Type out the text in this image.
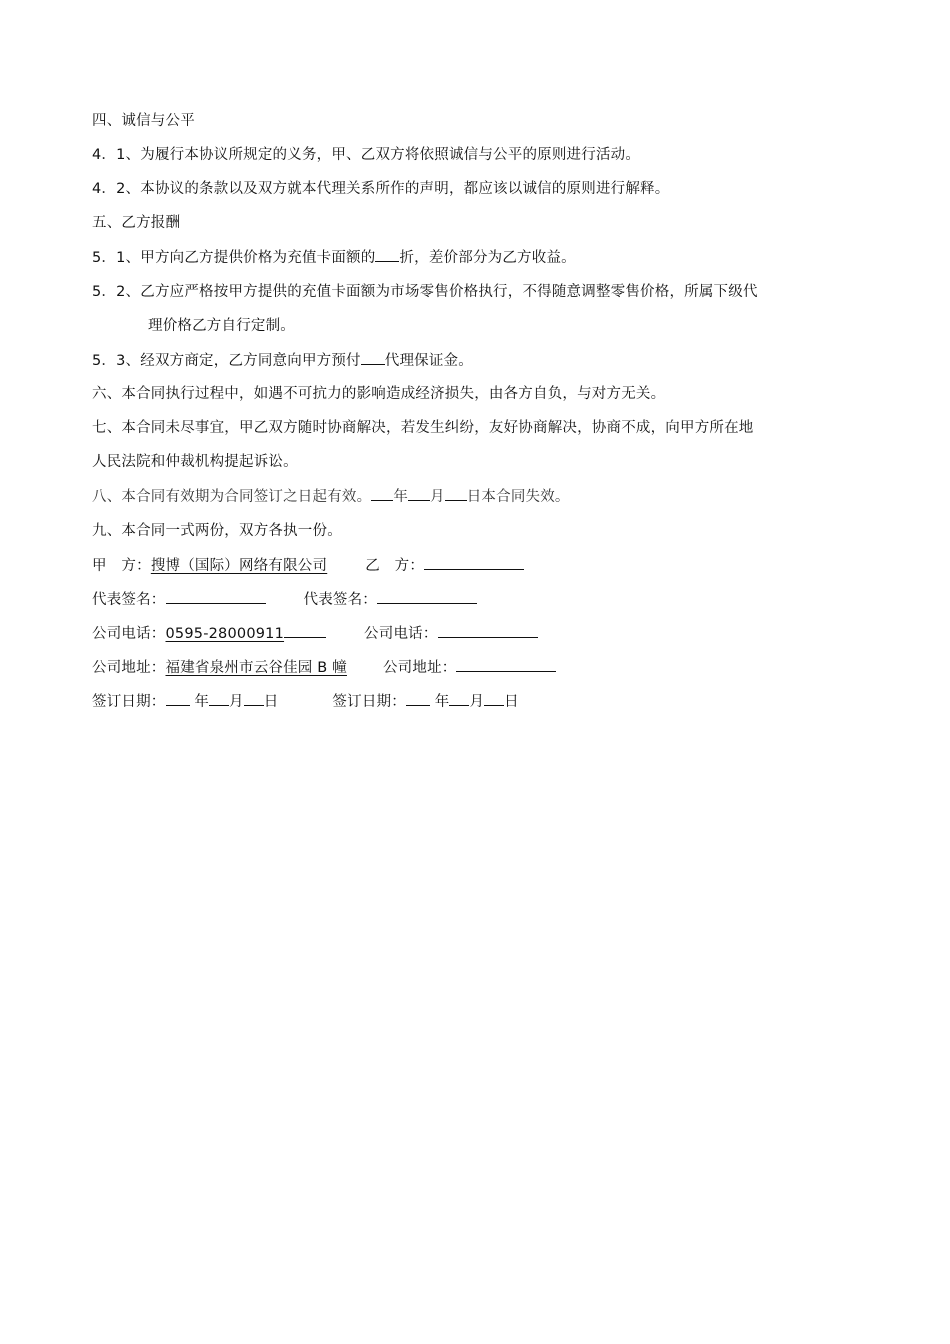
四、诚信与公平
4．1、为履行本协议所规定的义务，甲、乙双方将依照诚信与公平的原则进行活动。
4．2、本协议的条款以及双方就本代理关系所作的声明，都应该以诚信的原则进行解释。
五、乙方报酬
5．1、甲方向乙方提供价格为充值卡面额的 折，差价部分为乙方收益。
5．2、乙方应严格按甲方提供的充值卡面额为市场零售价格执行，不得随意调整零售价格，所属下级代
理价格乙方自行定制。
5．3、经双方商定，乙方同意向甲方预付 代理保证金。
六、本合同执行过程中，如遇不可抗力的影响造成经济损失，由各方自负，与对方无关。
七、本合同未尽事宜，甲乙双方随时协商解决，若发生纠纷，友好协商解决，协商不成，向甲方所在地
人民法院和仲裁机构提起诉讼。
八、本合同有效期为合同签订之日起有效。 年 月 日本合同失效。
九、本合同一式两份，双方各执一份。
甲　方：搜博（国际）网络有限公司	乙　方：
代表签名：	代表签名：
公司电话：0595-28000911	公司电话：
公司地址：福建省泉州市云谷佳园 B 幢 公司地址：
签订日期： 年 月 日	签订日期： 年 月 日
